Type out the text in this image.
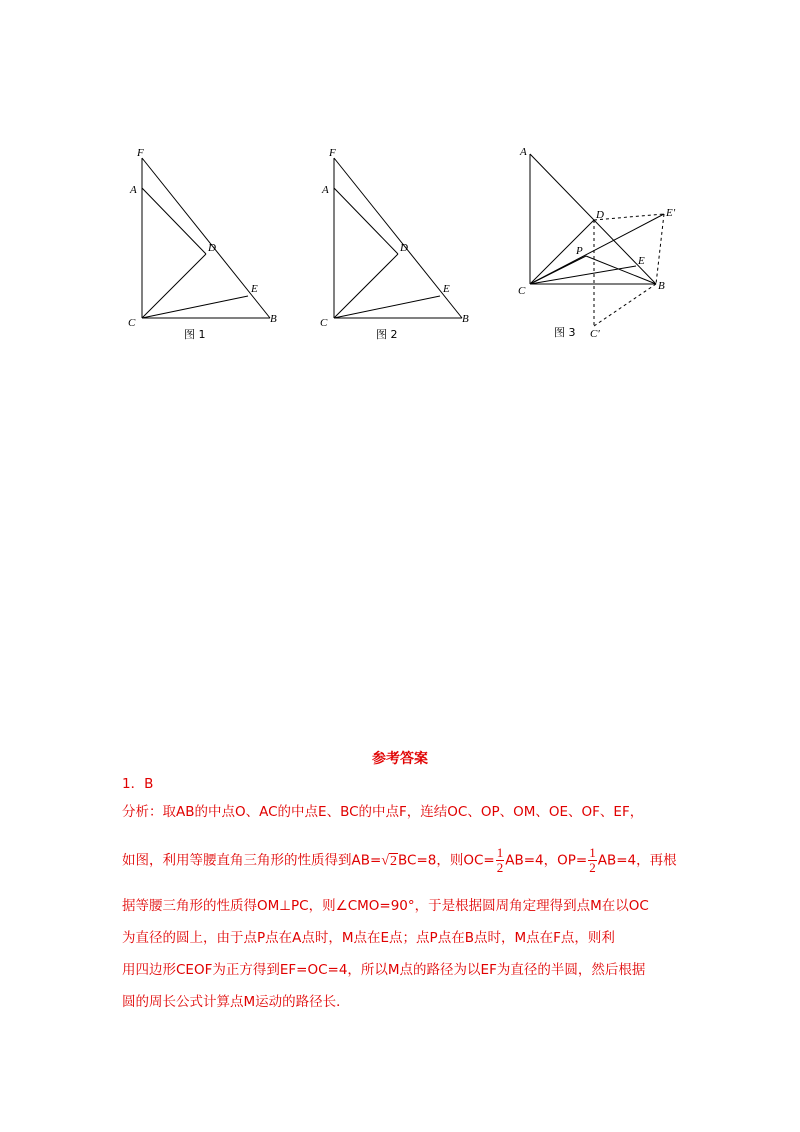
F
A
D
E
C	B
图 1
F
A
D
E
C	B
图 2
A
D	E′
P
E
C	B
C′
图 3
参考答案
1．B
分析：取AB的中点O、AC的中点E、BC的中点F，连结OC、OP、OM、OE、OF、EF，
如图，利用等腰直角三角形的性质得到AB=√2BC=8，则$OC= \frac{1}{2} AB=4$，$OP= \frac{1}{2} AB=4$，再根
据等腰三角形的性质得OM⊥PC，则∠CMO=90°，于是根据圆周角定理得到点M在以OC
为直径的圆上，由于点P点在A点时，M点在E点；点P点在B点时，M点在F点，则利
用四边形CEOF为正方得到EF=OC=4，所以M点的路径为以EF为直径的半圆，然后根据
圆的周长公式计算点M运动的路径长．
